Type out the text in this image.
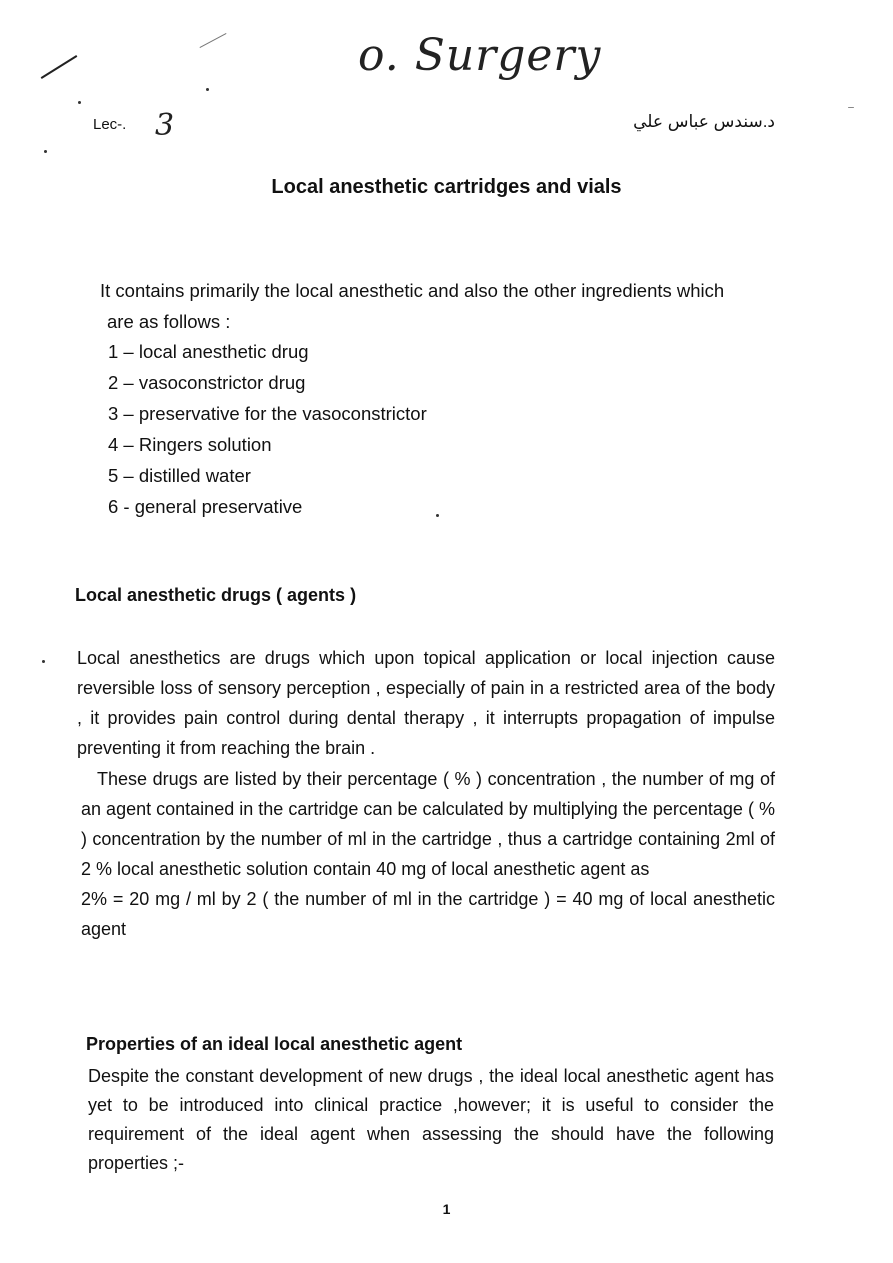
o. Surgery

Lec-. 3	د.سندس عباس علي

Local anesthetic cartridges and vials

It contains primarily the local anesthetic and also the other ingredients which

are as follows :

1 – local anesthetic drug
2 – vasoconstrictor drug
3 – preservative for the vasoconstrictor
4 – Ringers solution
5 – distilled water
6 - general preservative
Local anesthetic drugs ( agents )

Local anesthetics are drugs which upon topical application or local injection cause reversible loss of sensory perception , especially of pain in a restricted area of the body , it provides pain control during dental therapy , it interrupts propagation of impulse preventing it from reaching the brain .

These drugs are listed by their percentage ( % ) concentration , the number of mg of an agent contained in the cartridge can be calculated by multiplying the percentage ( % ) concentration by the number of ml in the cartridge , thus a cartridge containing 2ml of 2 % local anesthetic solution contain 40 mg of local anesthetic agent as

2% = 20 mg / ml by 2 ( the number of ml in the cartridge ) = 40 mg of local anesthetic agent

Properties of an ideal local anesthetic agent

Despite the constant development of new drugs , the ideal local anesthetic agent has yet to be introduced into clinical practice ,however; it is useful to consider the requirement of the ideal agent when assessing the should have the following properties ;-

1
